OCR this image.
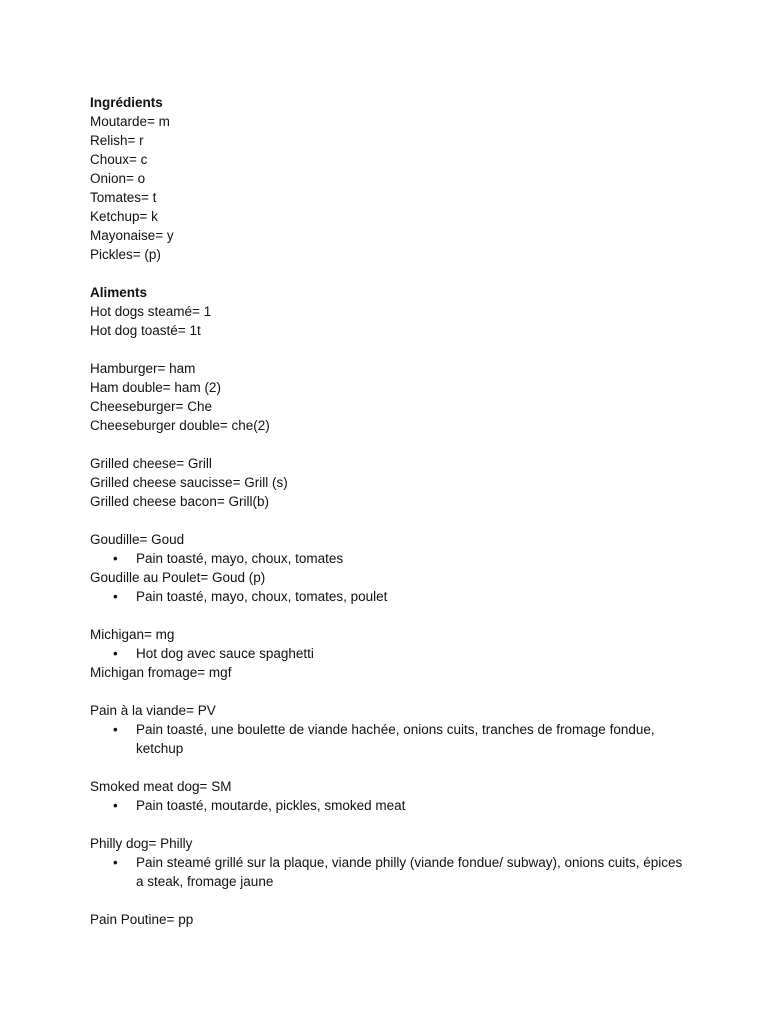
Ingrédients
Moutarde= m
Relish= r
Choux= c
Onion= o
Tomates= t
Ketchup= k
Mayonaise= y
Pickles= (p)
Aliments
Hot dogs steamé= 1
Hot dog toasté= 1t
Hamburger= ham
Ham double= ham (2)
Cheeseburger= Che
Cheeseburger double= che(2)
Grilled cheese= Grill
Grilled cheese saucisse= Grill (s)
Grilled cheese bacon= Grill(b)
Goudille= Goud
• Pain toasté, mayo, choux, tomates
Goudille au Poulet= Goud (p)
• Pain toasté, mayo, choux, tomates, poulet
Michigan= mg
• Hot dog avec sauce spaghetti
Michigan fromage= mgf
Pain à la viande= PV
• Pain toasté, une boulette de viande hachée, onions cuits, tranches de fromage fondue, ketchup
Smoked meat dog= SM
• Pain toasté, moutarde, pickles, smoked meat
Philly dog= Philly
• Pain steamé grillé sur la plaque, viande philly (viande fondue/ subway), onions cuits, épices a steak, fromage jaune
Pain Poutine= pp
